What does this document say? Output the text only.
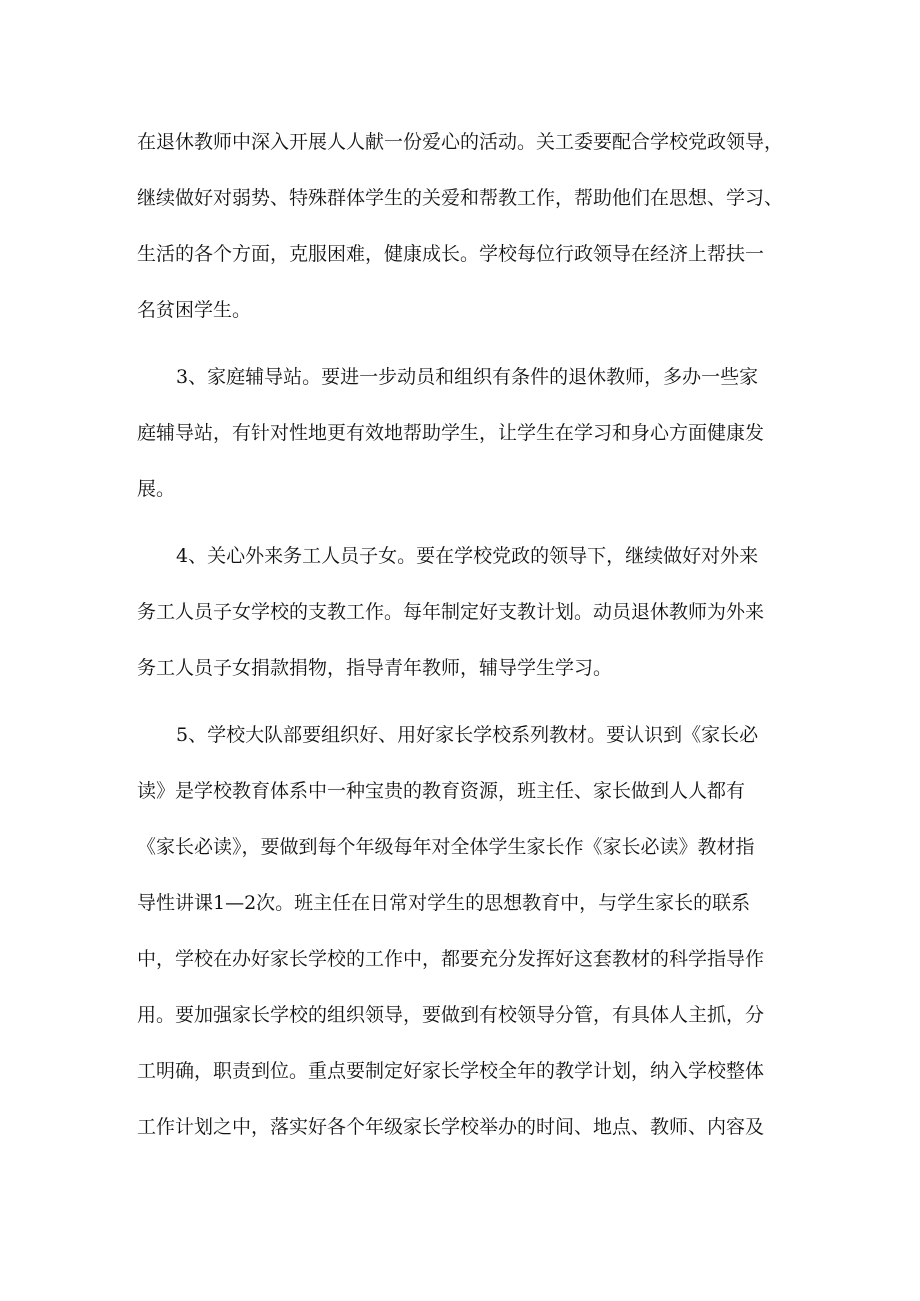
在退休教师中深入开展人人献一份爱心的活动。关工委要配合学校党政领导，
继续做好对弱势、特殊群体学生的关爱和帮教工作，帮助他们在思想、学习、
生活的各个方面，克服困难，健康成长。学校每位行政领导在经济上帮扶一
名贫困学生。
3、家庭辅导站。要进一步动员和组织有条件的退休教师，多办一些家
庭辅导站，有针对性地更有效地帮助学生，让学生在学习和身心方面健康发
展。
4、关心外来务工人员子女。要在学校党政的领导下，继续做好对外来
务工人员子女学校的支教工作。每年制定好支教计划。动员退休教师为外来
务工人员子女捐款捐物，指导青年教师，辅导学生学习。
5、学校大队部要组织好、用好家长学校系列教材。要认识到《家长必
读》是学校教育体系中一种宝贵的教育资源，班主任、家长做到人人都有
《家长必读》，要做到每个年级每年对全体学生家长作《家长必读》教材指
导性讲课1—2次。班主任在日常对学生的思想教育中，与学生家长的联系
中，学校在办好家长学校的工作中，都要充分发挥好这套教材的科学指导作
用。要加强家长学校的组织领导，要做到有校领导分管，有具体人主抓，分
工明确，职责到位。重点要制定好家长学校全年的教学计划，纳入学校整体
工作计划之中，落实好各个年级家长学校举办的时间、地点、教师、内容及
